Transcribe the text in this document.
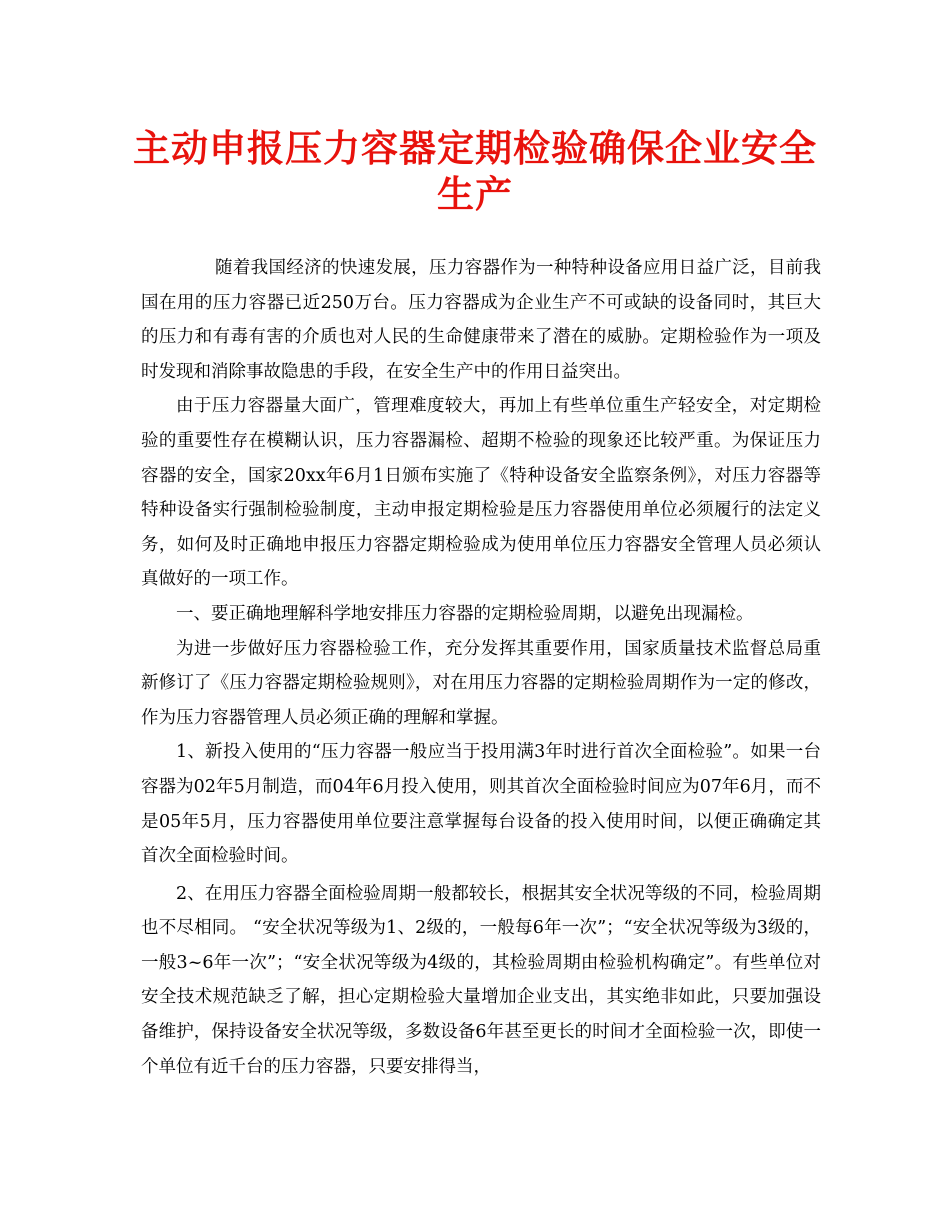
主动申报压力容器定期检验确保企业安全生产

随着我国经济的快速发展，压力容器作为一种特种设备应用日益广泛，目前我国在用的压力容器已近250万台。压力容器成为企业生产不可或缺的设备同时，其巨大的压力和有毒有害的介质也对人民的生命健康带来了潜在的威胁。定期检验作为一项及时发现和消除事故隐患的手段，在安全生产中的作用日益突出。

由于压力容器量大面广，管理难度较大，再加上有些单位重生产轻安全，对定期检验的重要性存在模糊认识，压力容器漏检、超期不检验的现象还比较严重。为保证压力容器的安全，国家20xx年6月1日颁布实施了《特种设备安全监察条例》，对压力容器等特种设备实行强制检验制度，主动申报定期检验是压力容器使用单位必须履行的法定义务，如何及时正确地申报压力容器定期检验成为使用单位压力容器安全管理人员必须认真做好的一项工作。

一、要正确地理解科学地安排压力容器的定期检验周期，以避免出现漏检。

为进一步做好压力容器检验工作，充分发挥其重要作用，国家质量技术监督总局重新修订了《压力容器定期检验规则》，对在用压力容器的定期检验周期作为一定的修改，作为压力容器管理人员必须正确的理解和掌握。

1、新投入使用的“压力容器一般应当于投用满3年时进行首次全面检验”。如果一台容器为02年5月制造，而04年6月投入使用，则其首次全面检验时间应为07年6月，而不是05年5月，压力容器使用单位要注意掌握每台设备的投入使用时间，以便正确确定其首次全面检验时间。

2、在用压力容器全面检验周期一般都较长，根据其安全状况等级的不同，检验周期也不尽相同。 “安全状况等级为1、2级的，一般每6年一次”；“安全状况等级为3级的，一般3~6年一次”；“安全状况等级为4级的，其检验周期由检验机构确定”。有些单位对安全技术规范缺乏了解，担心定期检验大量增加企业支出，其实绝非如此，只要加强设备维护，保持设备安全状况等级，多数设备6年甚至更长的时间才全面检验一次，即使一个单位有近千台的压力容器，只要安排得当，
